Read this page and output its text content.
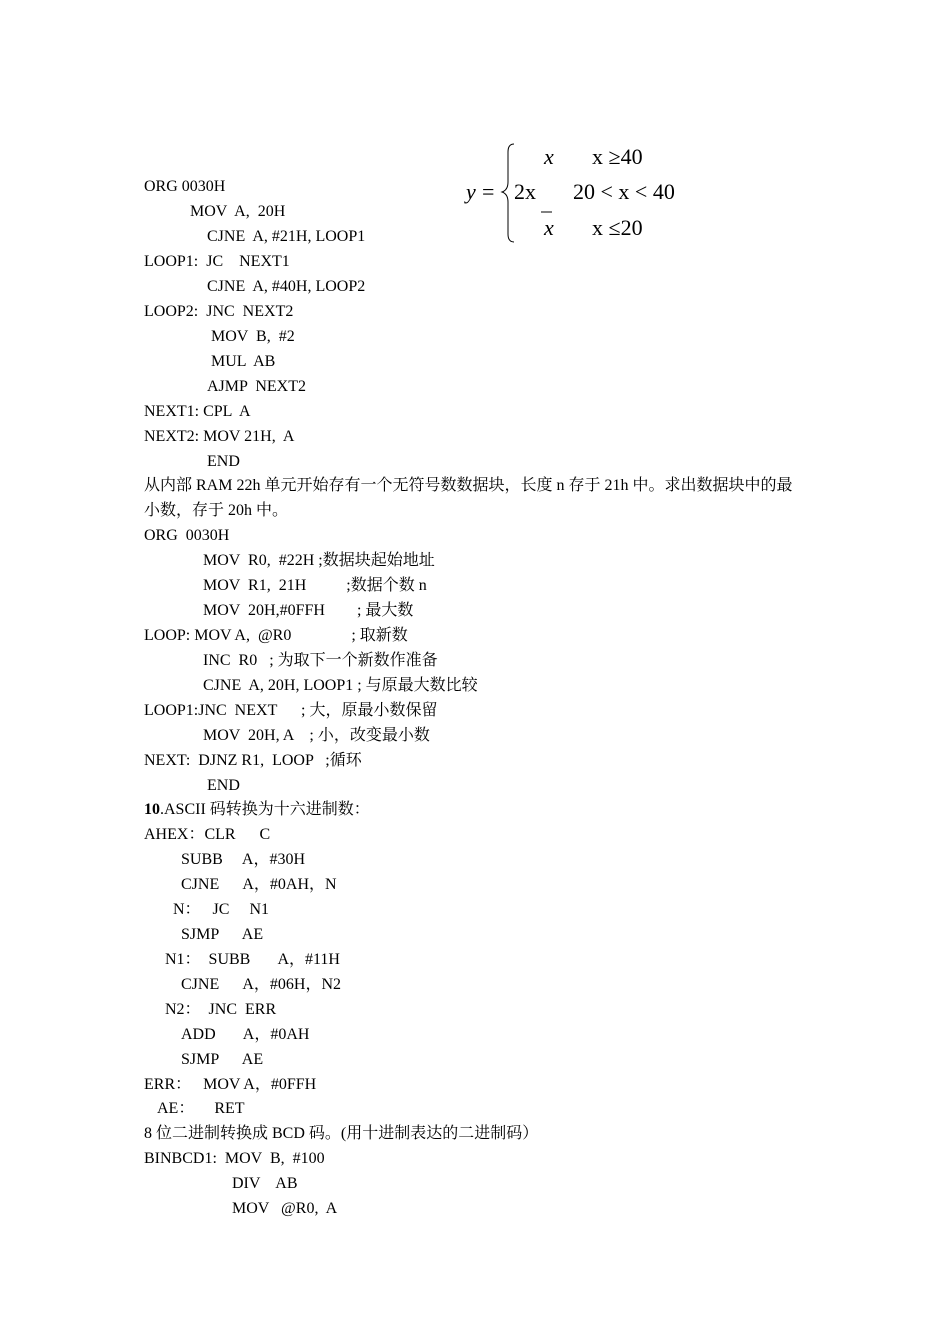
y =
x x ≥40
2x 20 < x < 40
x x ≤20
ORG 0030H
MOV  A,  20H
CJNE  A, #21H, LOOP1
LOOP1:  JC    NEXT1
CJNE  A, #40H, LOOP2
LOOP2:  JNC  NEXT2
MOV  B,  #2
MUL  AB
AJMP  NEXT2
NEXT1: CPL  A
NEXT2: MOV 21H,  A
END
从内部 RAM 22h 单元开始存有一个无符号数数据块，长度 n 存于 21h 中。求出数据块中的最
小数，存于 20h 中。
ORG  0030H
MOV  R0,  #22H ;数据块起始地址
MOV  R1,  21H          ;数据个数 n
MOV  20H,#0FFH        ; 最大数
LOOP: MOV A,  @R0               ; 取新数
INC  R0   ; 为取下一个新数作准备
CJNE  A, 20H, LOOP1 ; 与原最大数比较
LOOP1:JNC  NEXT      ; 大，原最小数保留
MOV  20H, A    ; 小，改变最小数
NEXT:  DJNZ R1,  LOOP   ;循环
END
10.ASCII 码转换为十六进制数：
AHEX：CLR      C
SUBB     A，#30H
CJNE      A，#0AH，N
N：   JC     N1
SJMP      AE
N1：  SUBB       A，#11H
CJNE      A，#06H，N2
N2：  JNC  ERR
ADD       A，#0AH
SJMP      AE
ERR：   MOV A，#0FFH
AE：     RET
8 位二进制转换成 BCD 码。(用十进制表达的二进制码）
BINBCD1:  MOV  B,  #100
DIV    AB
MOV   @R0,  A
